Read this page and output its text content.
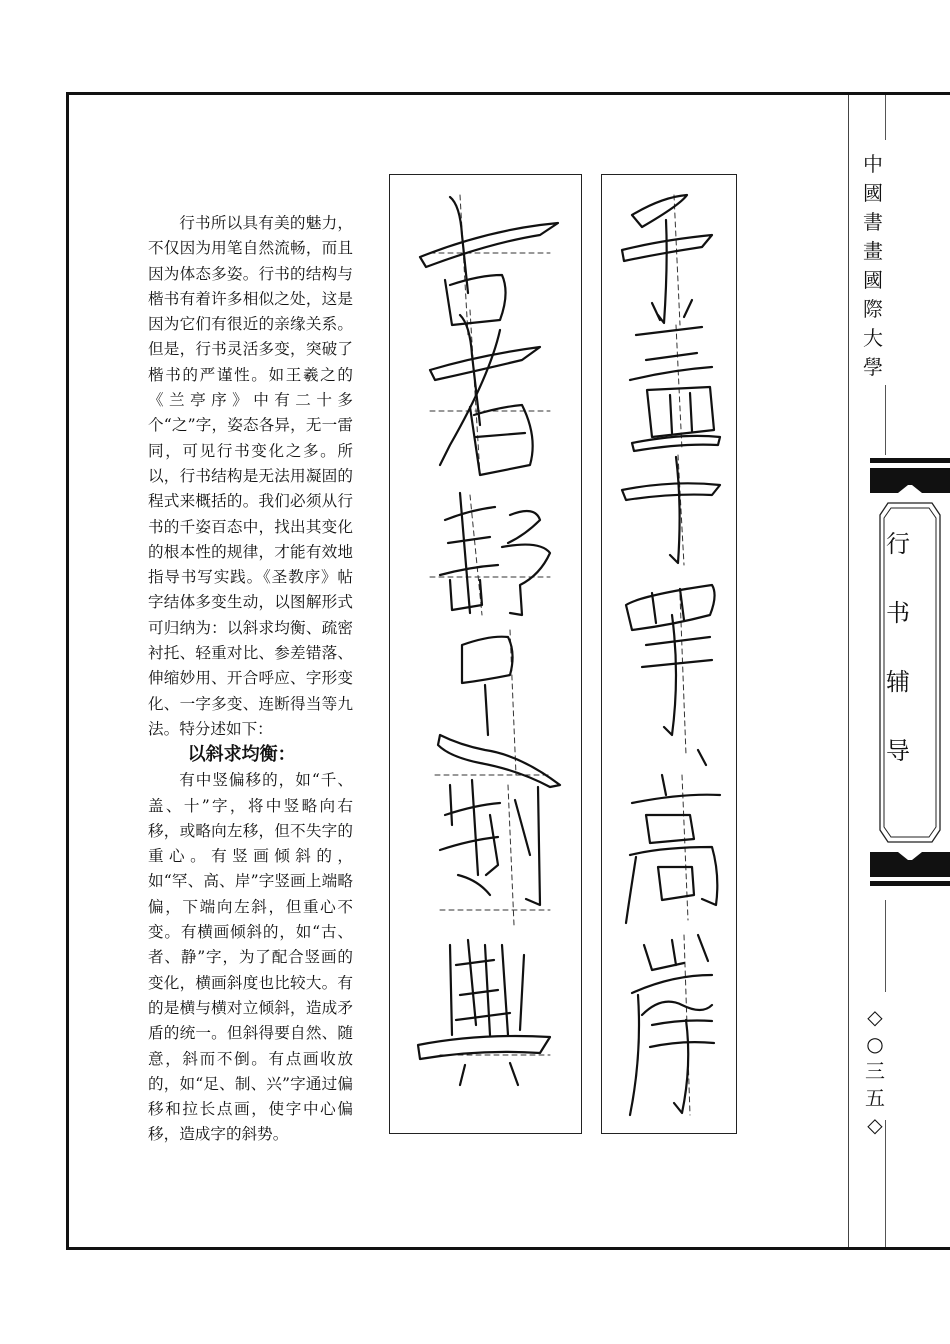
中
國
書
畫
國
際
大
學
行
书
辅
导
◇
○
三
五
◇

行书所以具有美的魅力，不仅因为用笔自然流畅，而且因为体态多姿。行书的结构与楷书有着许多相似之处，这是因为它们有很近的亲缘关系。但是，行书灵活多变，突破了楷书的严谨性。如王羲之的《兰亭序》中有二十多个“之”字，姿态各异，无一雷同，可见行书变化之多。所以，行书结构是无法用凝固的程式来概括的。我们必须从行书的千姿百态中，找出其变化的根本性的规律，才能有效地指导书写实践。《圣教序》帖字结体多变生动，以图解形式可归纳为：以斜求均衡、疏密衬托、轻重对比、参差错落、伸缩妙用、开合呼应、字形变化、一字多变、连断得当等九法。特分述如下：

以斜求均衡：

有中竖偏移的，如“千、盖、十”字，将中竖略向右移，或略向左移，但不失字的重心。有竖画倾斜的，如“罕、高、岸”字竖画上端略偏，下端向左斜，但重心不变。有横画倾斜的，如“古、者、静”字，为了配合竖画的变化，横画斜度也比较大。有的是横与横对立倾斜，造成矛盾的统一。但斜得要自然、随意，斜而不倒。有点画收放的，如“足、制、兴”字通过偏移和拉长点画，使字中心偏移，造成字的斜势。
